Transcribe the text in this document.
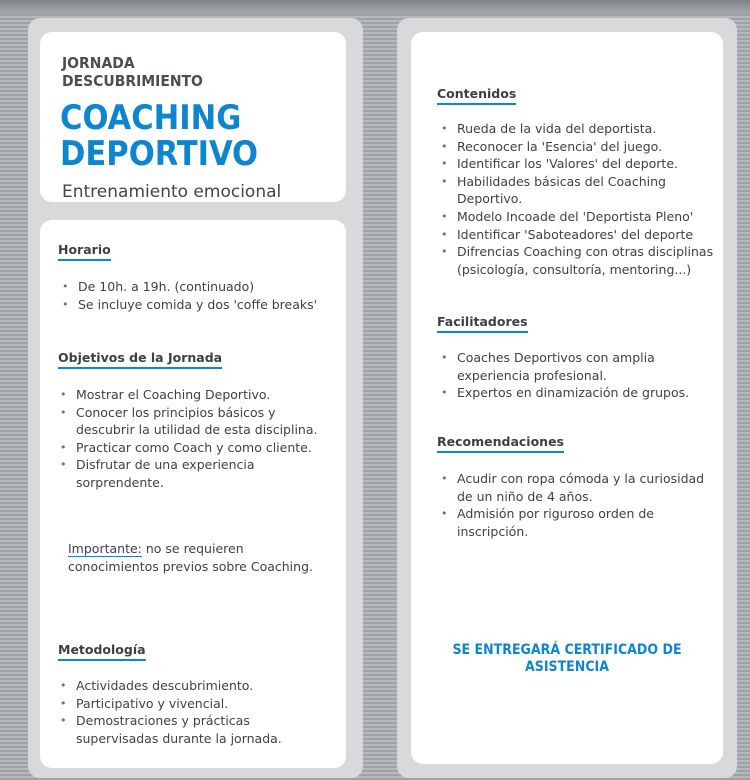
JORNADA
DESCUBRIMIENTO
COACHING
DEPORTIVO
Entrenamiento emocional
Horario
• De 10h. a 19h. (continuado)
• Se incluye comida y dos 'coffe breaks'
Objetivos de la Jornada
• Mostrar el Coaching Deportivo.
• Conocer los principios básicos y descubrir la utilidad de esta disciplina.
• Practicar como Coach y como cliente.
• Disfrutar de una experiencia sorprendente.
Importante: no se requieren conocimientos previos sobre Coaching.
Metodología
• Actividades descubrimiento.
• Participativo y vivencial.
• Demostraciones y prácticas supervisadas durante la jornada.
Contenidos
• Rueda de la vida del deportista.
• Reconocer la 'Esencia' del juego.
• Identificar los 'Valores' del deporte.
• Habilidades básicas del Coaching Deportivo.
• Modelo Incoade del 'Deportista Pleno'
• Identificar 'Saboteadores' del deporte
• Difrencias Coaching con otras disciplinas (psicología, consultoría, mentoring...)
Facilitadores
• Coaches Deportivos con amplia experiencia profesional.
• Expertos en dinamización de grupos.
Recomendaciones
• Acudir con ropa cómoda y la curiosidad de un niño de 4 años.
• Admisión por riguroso orden de inscripción.
SE ENTREGARÁ CERTIFICADO DE
ASISTENCIA
